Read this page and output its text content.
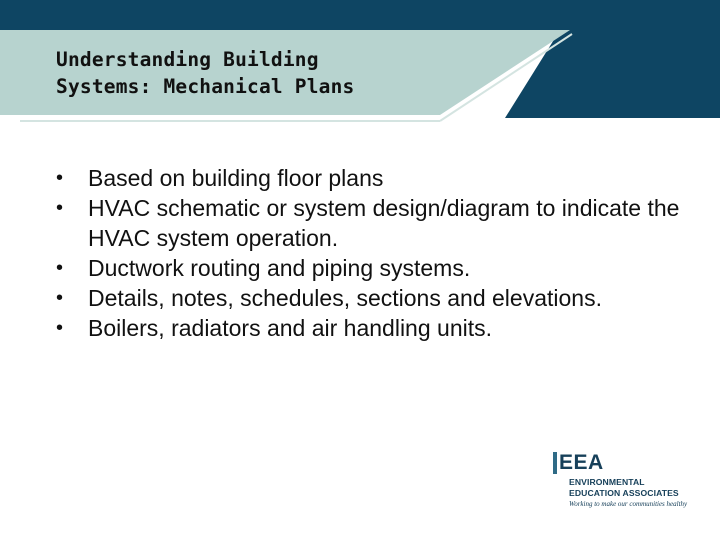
Understanding Building
Systems: Mechanical Plans
• Based on building floor plans
• HVAC schematic or system design/diagram to indicate the HVAC system operation.
• Ductwork routing and piping systems.
• Details, notes, schedules, sections and elevations.
• Boilers, radiators and air handling units.
EEA
ENVIRONMENTAL
EDUCATION ASSOCIATES
Working to make our communities healthy
